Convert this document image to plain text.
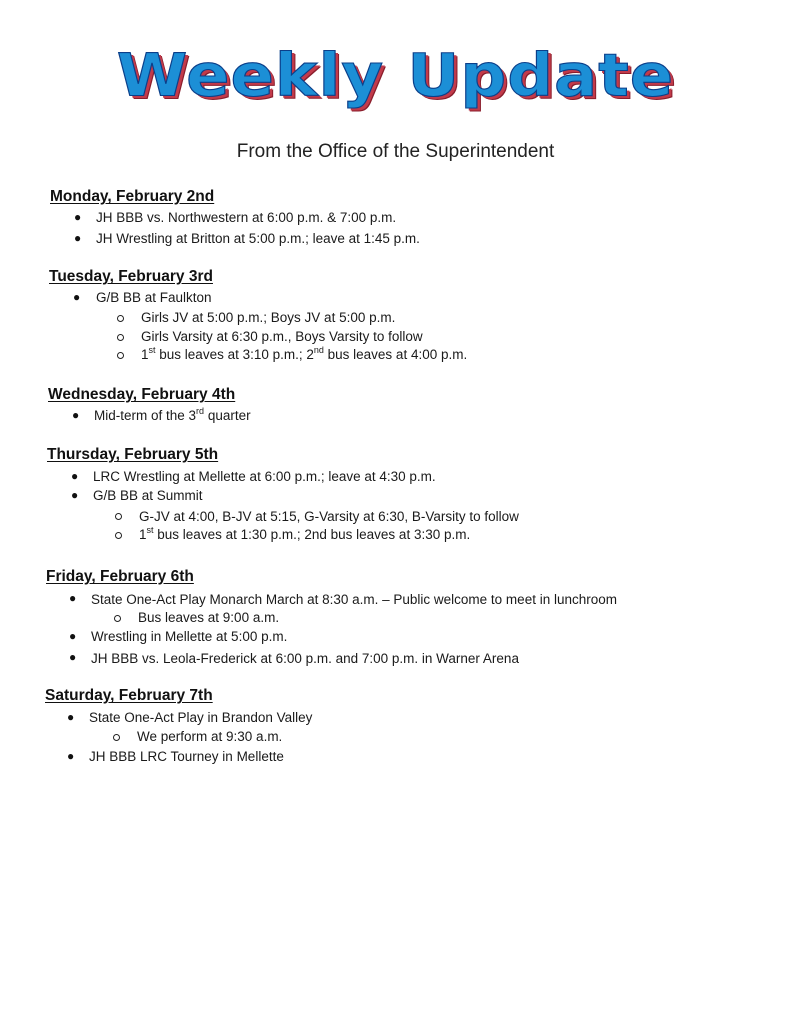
Weekly Update
From the Office of the Superintendent
Monday, February 2nd
● JH BBB vs. Northwestern at 6:00 p.m. & 7:00 p.m.
● JH Wrestling at Britton at 5:00 p.m.; leave at 1:45 p.m.
Tuesday, February 3rd
● G/B BB at Faulkton
Girls JV at 5:00 p.m.; Boys JV at 5:00 p.m.
Girls Varsity at 6:30 p.m., Boys Varsity to follow
1st bus leaves at 3:10 p.m.; 2nd bus leaves at 4:00 p.m.
Wednesday, February 4th
● Mid-term of the 3rd quarter
Thursday, February 5th
● LRC Wrestling at Mellette at 6:00 p.m.; leave at 4:30 p.m.
● G/B BB at Summit
G-JV at 4:00, B-JV at 5:15, G-Varsity at 6:30, B-Varsity to follow
1st bus leaves at 1:30 p.m.; 2nd bus leaves at 3:30 p.m.
Friday, February 6th
● State One-Act Play Monarch March at 8:30 a.m. – Public welcome to meet in lunchroom
Bus leaves at 9:00 a.m.
● Wrestling in Mellette at 5:00 p.m.
● JH BBB vs. Leola-Frederick at 6:00 p.m. and 7:00 p.m. in Warner Arena
Saturday, February 7th
● State One-Act Play in Brandon Valley
We perform at 9:30 a.m.
● JH BBB LRC Tourney in Mellette
